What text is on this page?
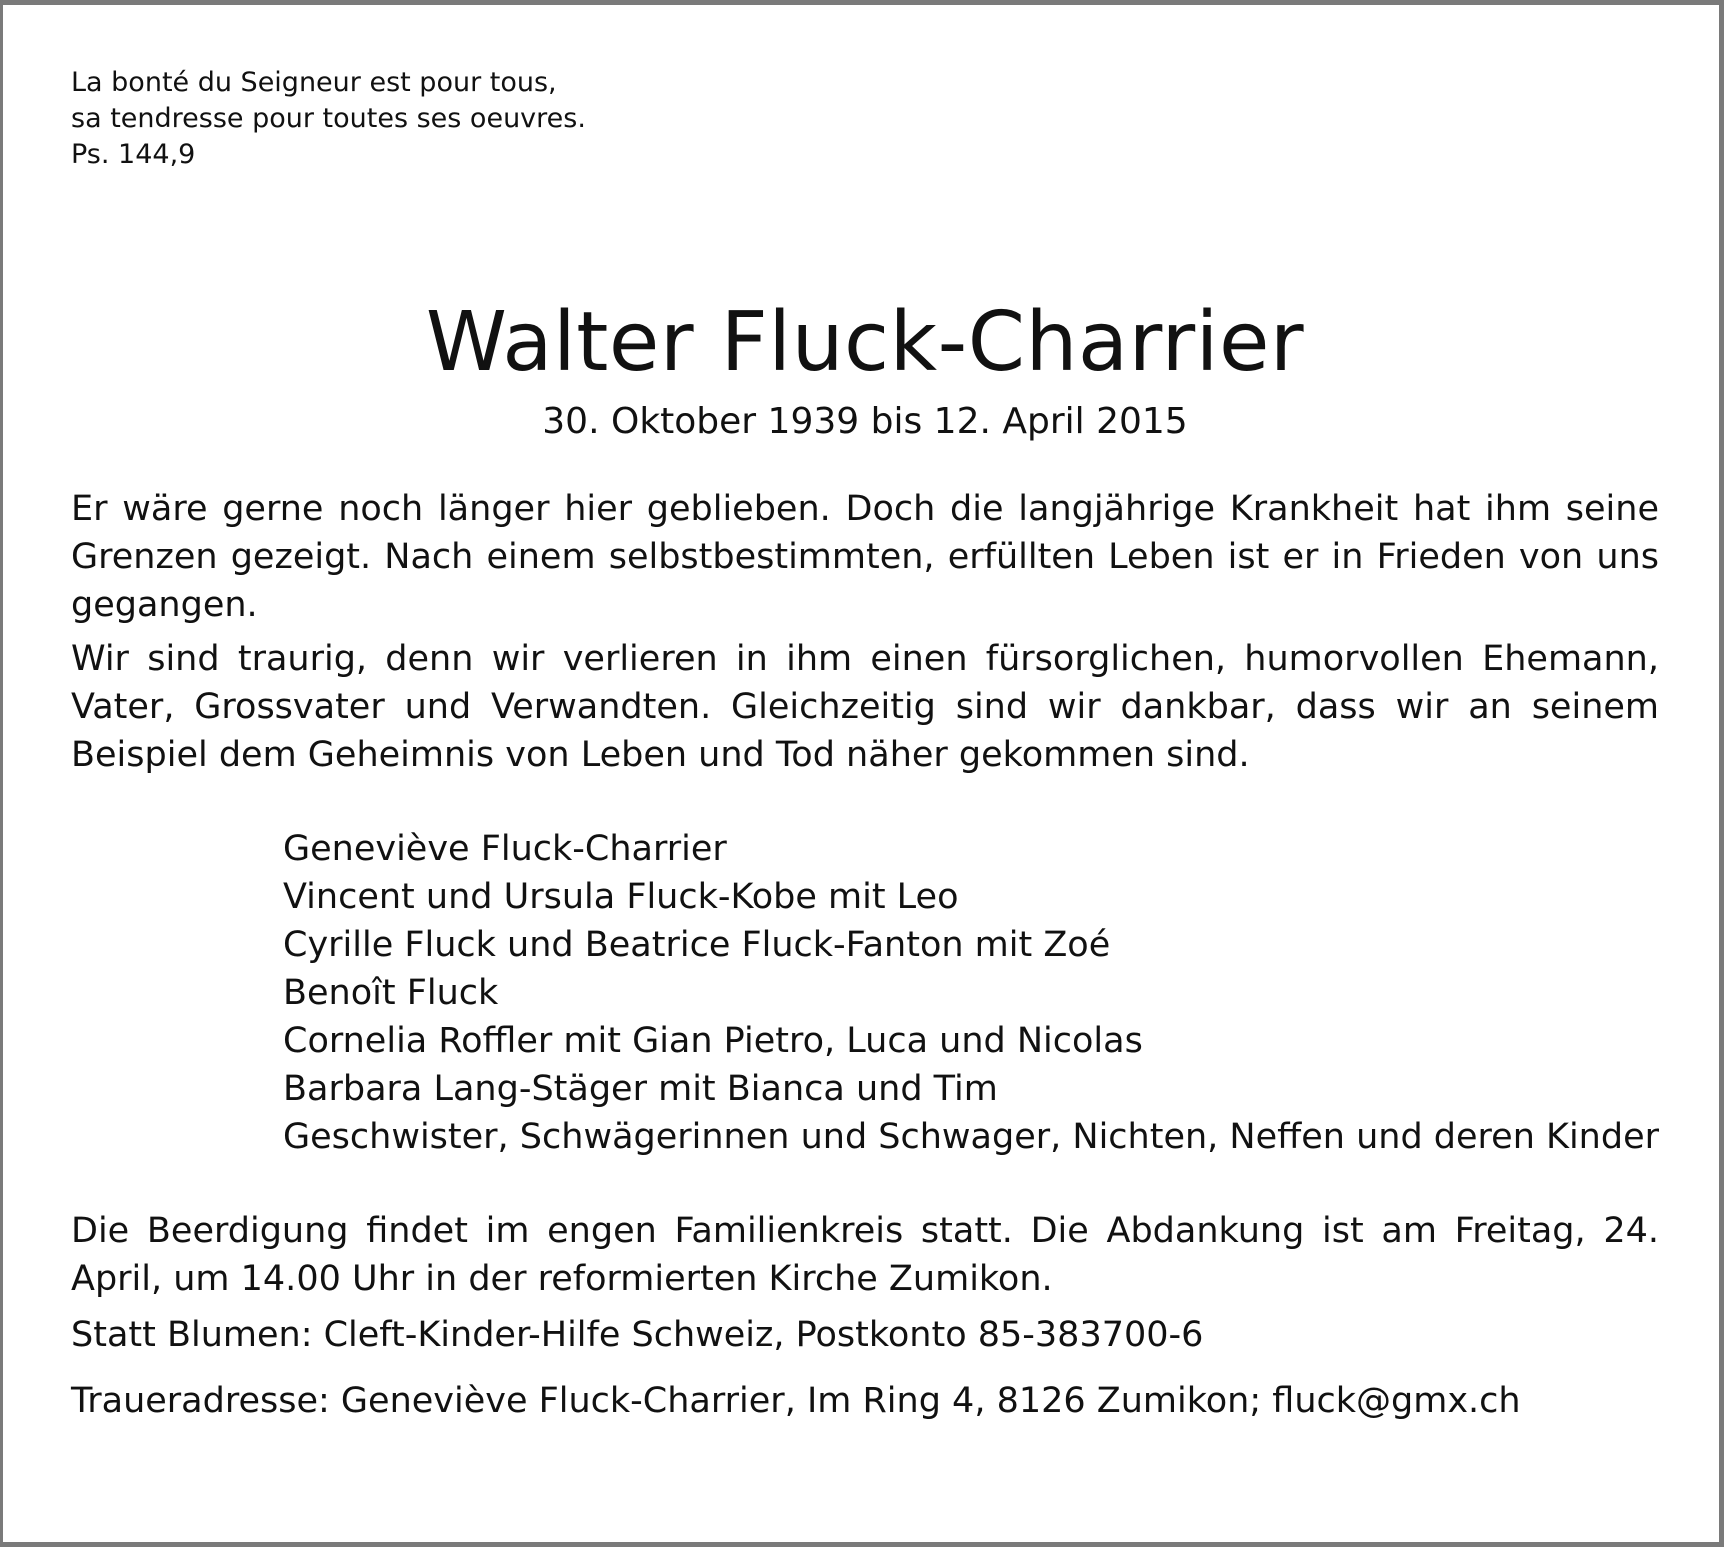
La bonté du Seigneur est pour tous,
sa tendresse pour toutes ses oeuvres.
Ps. 144,9
Walter Fluck-Charrier
30. Oktober 1939 bis 12. April 2015

Er wäre gerne noch länger hier geblieben. Doch die langjährige Krankheit hat ihm seine Grenzen gezeigt. Nach einem selbstbestimmten, erfüllten Leben ist er in Frieden von uns gegangen.

Wir sind traurig, denn wir verlieren in ihm einen fürsorglichen, humorvollen Ehemann, Vater, Grossvater und Verwandten. Gleichzeitig sind wir dankbar, dass wir an seinem Beispiel dem Geheimnis von Leben und Tod näher gekommen sind.

Geneviève Fluck-Charrier
Vincent und Ursula Fluck-Kobe mit Leo
Cyrille Fluck und Beatrice Fluck-Fanton mit Zoé
Benoît Fluck
Cornelia Roffler mit Gian Pietro, Luca und Nicolas
Barbara Lang-Stäger mit Bianca und Tim
Geschwister, Schwägerinnen und Schwager, Nichten, Neffen und deren Kinder
Die Beerdigung findet im engen Familienkreis statt. Die Abdankung ist am Freitag, 24. April, um 14.00 Uhr in der reformierten Kirche Zumikon.
Statt Blumen: Cleft-Kinder-Hilfe Schweiz, Postkonto 85-383700-6
Traueradresse: Geneviève Fluck-Charrier, Im Ring 4, 8126 Zumikon; fluck@gmx.ch
